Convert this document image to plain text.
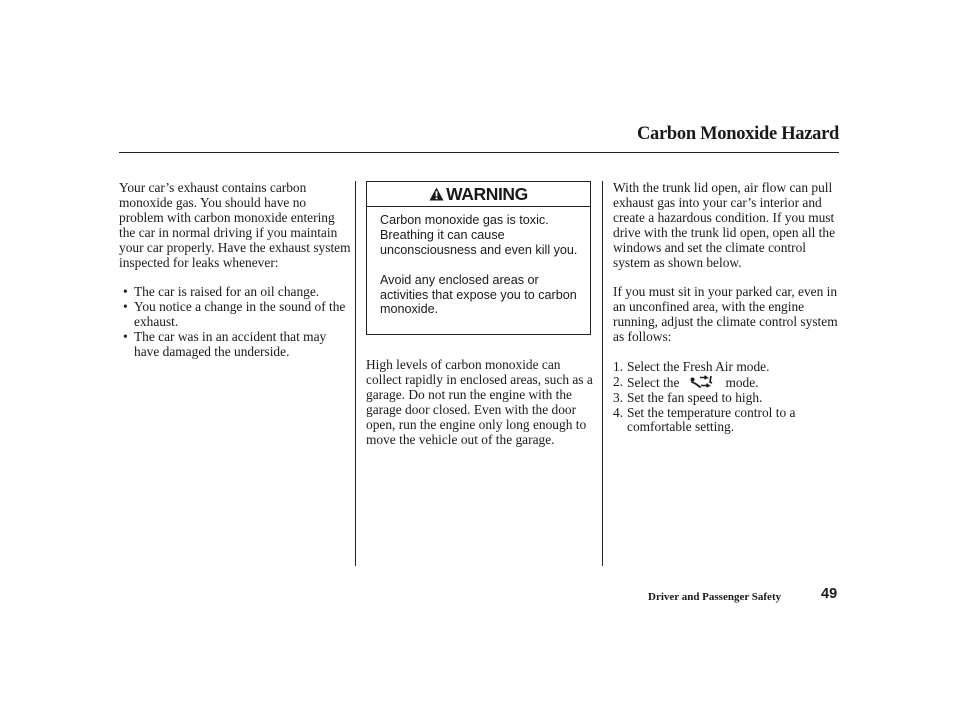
Carbon Monoxide Hazard

Your car’s exhaust contains carbon monoxide gas. You should have no problem with carbon monoxide entering the car in normal driving if you maintain your car properly. Have the exhaust system inspected for leaks whenever:

• The car is raised for an oil change.
• You notice a change in the sound of the exhaust.
• The car was in an accident that may have damaged the underside.
WARNING

Carbon monoxide gas is toxic. Breathing it can cause unconsciousness and even kill you.

Avoid any enclosed areas or activities that expose you to carbon monoxide.

High levels of carbon monoxide can collect rapidly in enclosed areas, such as a garage. Do not run the engine with the garage door closed. Even with the door open, run the engine only long enough to move the vehicle out of the garage.

With the trunk lid open, air flow can pull exhaust gas into your car’s interior and create a hazardous condition. If you must drive with the trunk lid open, open all the windows and set the climate control system as shown below.

If you must sit in your parked car, even in an unconfined area, with the engine running, adjust the climate control system as follows:

1. Select the Fresh Air mode.
2. Select the	mode.
3. Set the fan speed to high.
4. Set the temperature control to a comfortable setting.
Driver and Passenger Safety	49
